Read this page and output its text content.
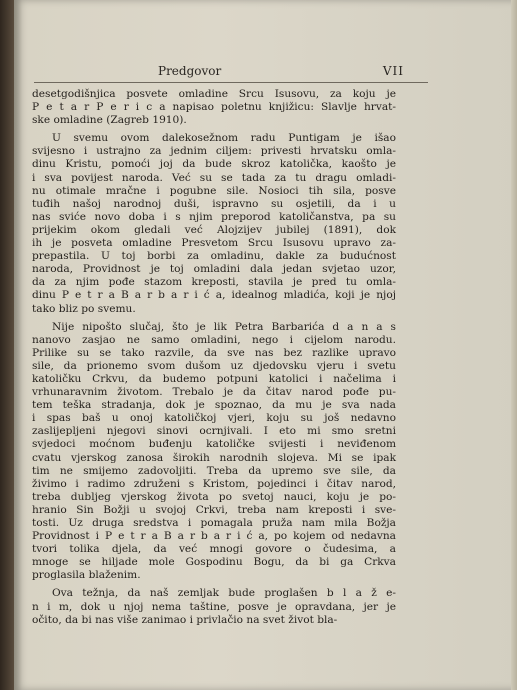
Predgovor	VII
desetgodišnjica posvete omladine Srcu Isusovu, za koju je
P e t a r P e r i c a napisao poletnu knjižicu: Slavlje hrvat-
ske omladine (Zagreb 1910).
U svemu ovom dalekosežnom radu Puntigam je išao
svijesno i ustrajno za jednim ciljem: privesti hrvatsku omla-
dinu Kristu, pomoći joj da bude skroz katolička, kaošto je
i sva povijest naroda. Već su se tada za tu dragu omladi-
nu otimale mračne i pogubne sile. Nosioci tih sila, posve
tuđih našoj narodnoj duši, ispravno su osjetili, da i u
nas sviće novo doba i s njim preporod katoličanstva, pa su
prijekim okom gledali već Alojzijev jubilej (1891), dok
ih je posveta omladine Presvetom Srcu Isusovu upravo za-
prepastila. U toj borbi za omladinu, dakle za budućnost
naroda, Providnost je toj omladini dala jedan svjetao uzor,
da za njim pođe stazom kreposti, stavila je pred tu omla-
dinu P e t r a B a r b a r i ć a, idealnog mladića, koji je njoj
tako bliz po svemu.
Nije nipošto slučaj, što je lik Petra Barbarića d a n a s
nanovo zasjao ne samo omladini, nego i cijelom narodu.
Prilike su se tako razvile, da sve nas bez razlike upravo
sile, da prionemo svom dušom uz djedovsku vjeru i svetu
katoličku Crkvu, da budemo potpuni katolici i načelima i
vrhunaravnim životom. Trebalo je da čitav narod pođe pu-
tem teška stradanja, dok je spoznao, da mu je sva nada
i spas baš u onoj katoličkoj vjeri, koju su još nedavno
zaslijepljeni njegovi sinovi ocrnjivali. I eto mi smo sretni
svjedoci moćnom buđenju katoličke svijesti i neviđenom
cvatu vjerskog zanosa širokih narodnih slojeva. Mi se ipak
tim ne smijemo zadovoljiti. Treba da upremo sve sile, da
živimo i radimo združeni s Kristom, pojedinci i čitav narod,
treba dubljeg vjerskog života po svetoj nauci, koju je po-
hranio Sin Božji u svojoj Crkvi, treba nam kreposti i sve-
tosti. Uz druga sredstva i pomagala pruža nam mila Božja
Providnost i P e t r a B a r b a r i ć a, po kojem od nedavna
tvori tolika djela, da već mnogi govore o čudesima, a
mnoge se hiljade mole Gospodinu Bogu, da bi ga Crkva
proglasila blaženim.
Ova težnja, da naš zemljak bude proglašen b l a ž e-
n i m, dok u njoj nema taštine, posve je opravdana, jer je
očito, da bi nas više zanimao i privlačio na svet život bla-
